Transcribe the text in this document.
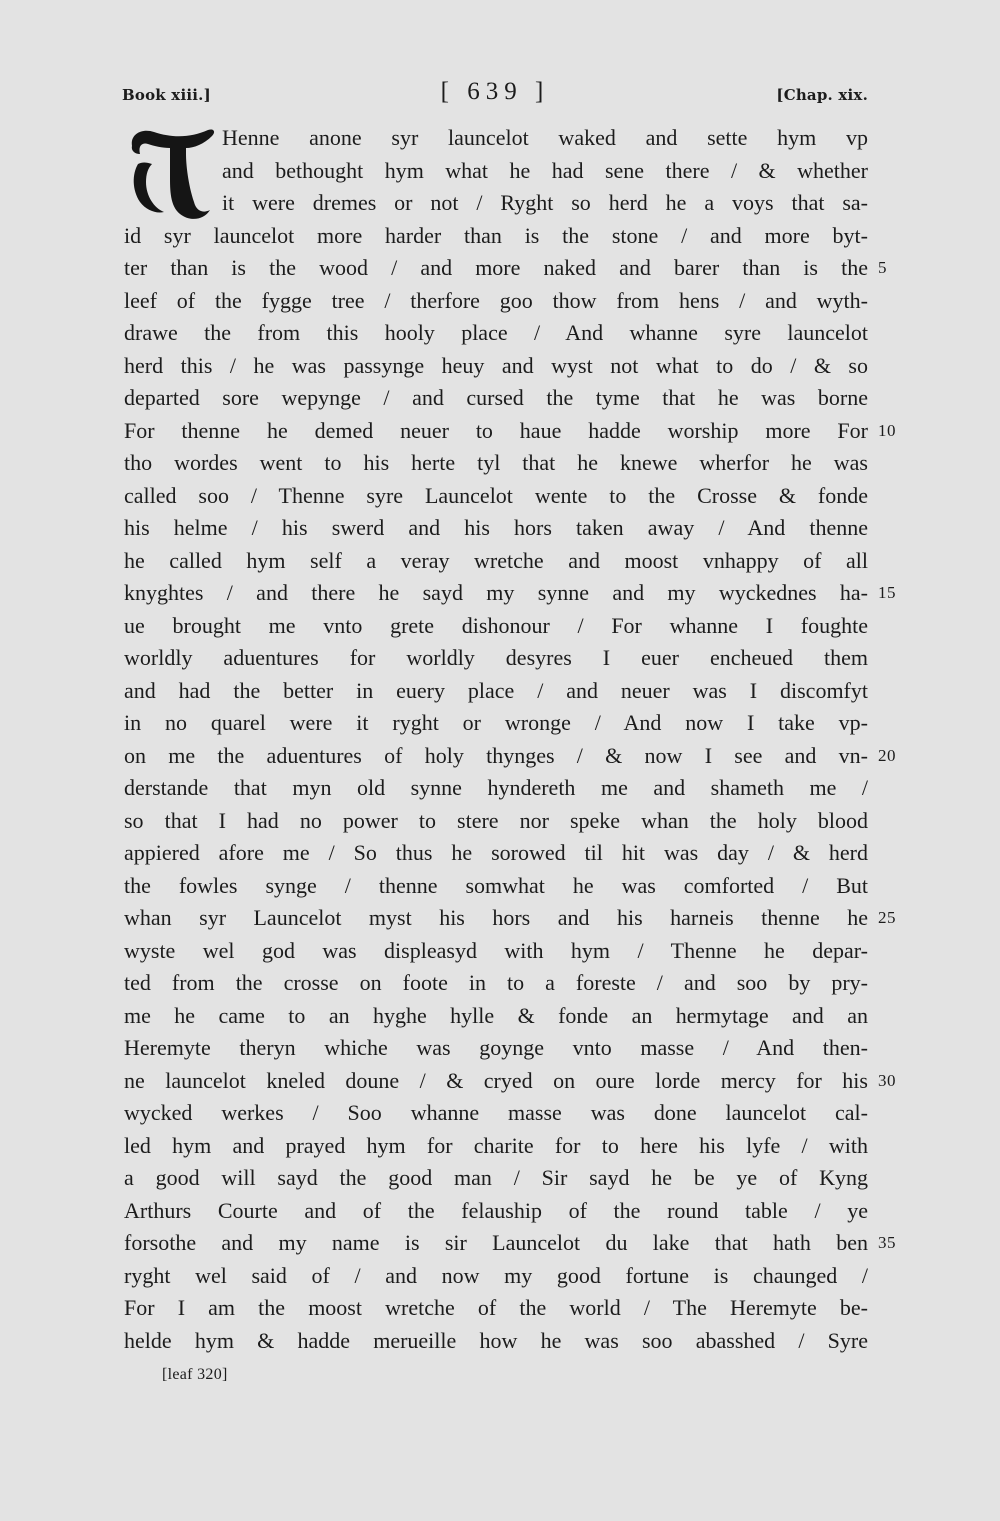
Book xiii.]	[ 639 ]	[Chap. xix.
Henne anone syr launcelot waked and sette hym vp
and bethought hym what he had sene there / & whether
it were dremes or not / Ryght so herd he a voys that sa-
id syr launcelot more harder than is the stone / and more byt-
ter than is the wood / and more naked and barer than is the 5
leef of the fygge tree / therfore goo thow from hens / and wyth-
drawe the from this hooly place / And whanne syre launcelot
herd this / he was passynge heuy and wyst not what to do / & so
departed sore wepynge / and cursed the tyme that he was borne
For thenne he demed neuer to haue hadde worship more For 10
tho wordes went to his herte tyl that he knewe wherfor he was
called soo / Thenne syre Launcelot wente to the Crosse & fonde
his helme / his swerd and his hors taken away / And thenne
he called hym self a veray wretche and moost vnhappy of all
knyghtes / and there he sayd my synne and my wyckednes ha- 15
ue brought me vnto grete dishonour / For whanne I foughte
worldly aduentures for worldly desyres I euer encheued them
and had the better in euery place / and neuer was I discomfyt
in no quarel were it ryght or wronge / And now I take vp-
on me the aduentures of holy thynges / & now I see and vn- 20
derstande that myn old synne hyndereth me and shameth me /
so that I had no power to stere nor speke whan the holy blood
appiered afore me / So thus he sorowed til hit was day / & herd
the fowles synge / thenne somwhat he was comforted / But
whan syr Launcelot myst his hors and his harneis thenne he 25
wyste wel god was displeasyd with hym / Thenne he depar-
ted from the crosse on foote in to a foreste / and soo by pry-
me he came to an hyghe hylle & fonde an hermytage and an
Heremyte theryn whiche was goynge vnto masse / And then-
ne launcelot kneled doune / & cryed on oure lorde mercy for his 30
wycked werkes / Soo whanne masse was done launcelot cal-
led hym and prayed hym for charite for to here his lyfe / with
a good will sayd the good man / Sir sayd he be ye of Kyng
Arthurs Courte and of the felauship of the round table / ye
forsothe and my name is sir Launcelot du lake that hath ben 35
ryght wel said of / and now my good fortune is chaunged /
For I am the moost wretche of the world / The Heremyte be-
helde hym & hadde merueille how he was soo abasshed / Syre
[leaf 320]
